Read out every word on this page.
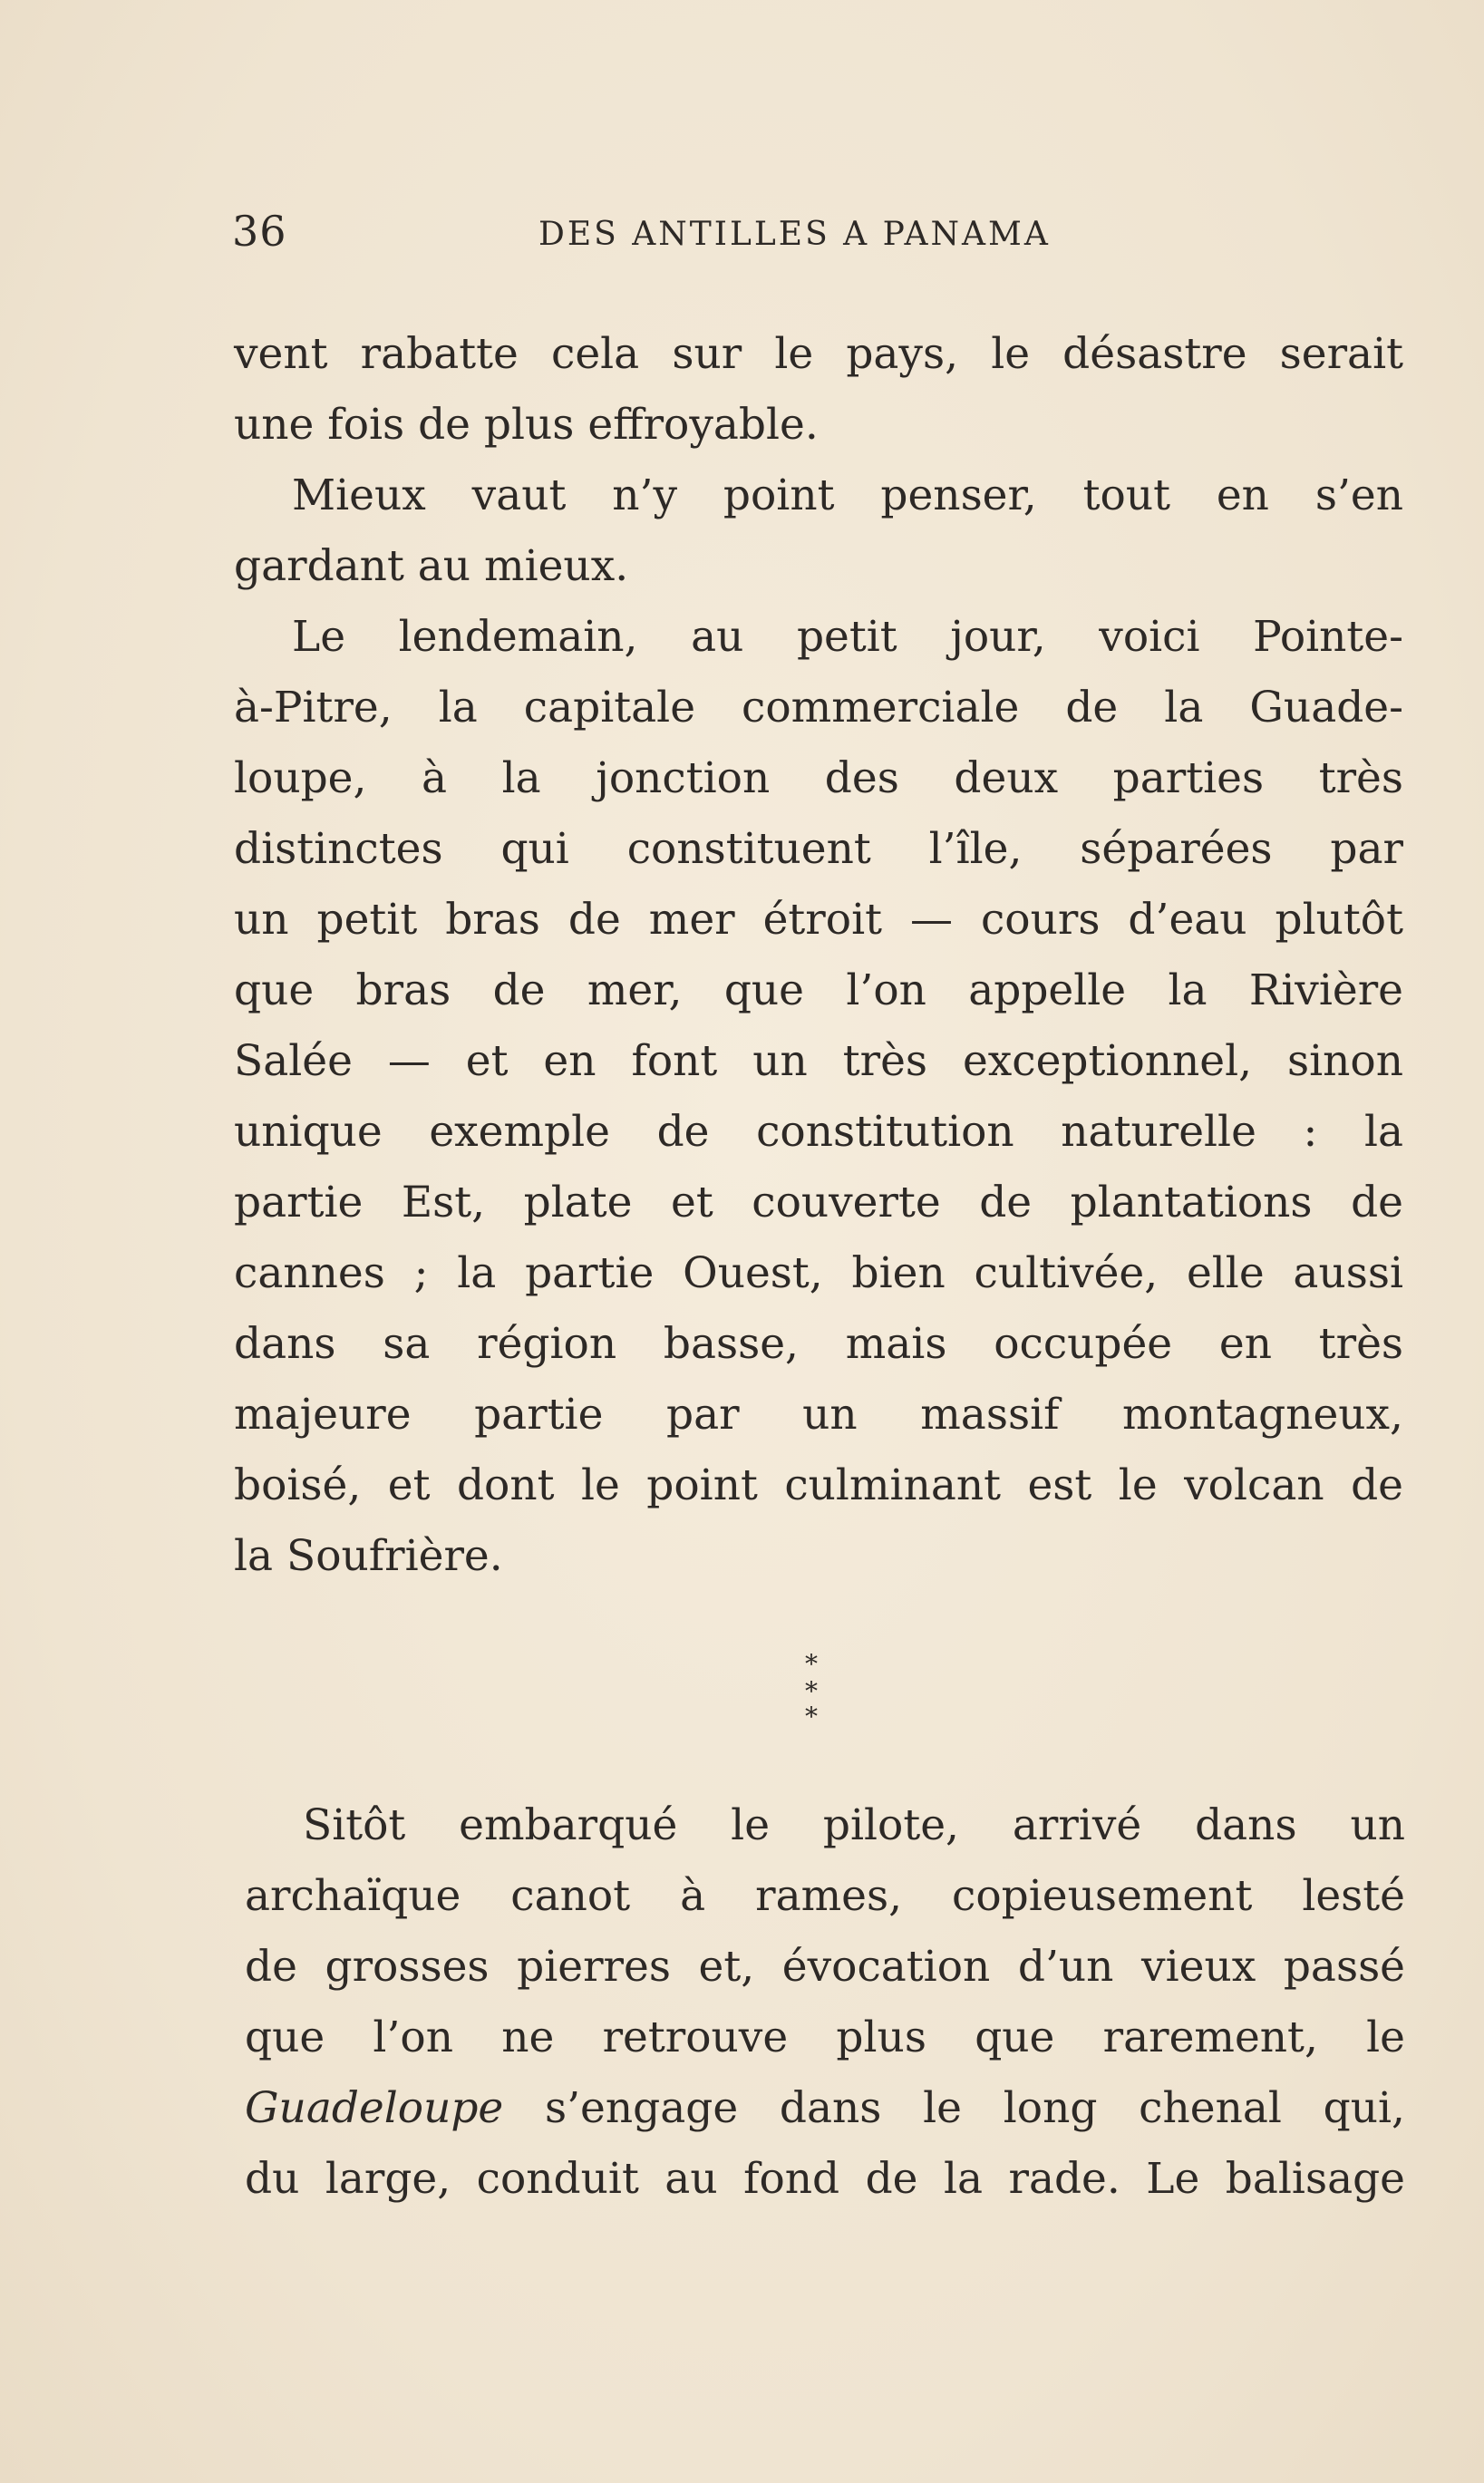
36	DES ANTILLES A PANAMA
vent rabatte cela sur le pays, le désastre serait
une fois de plus effroyable.
Mieux vaut n’y point penser, tout en s’en
gardant au mieux.
Le lendemain, au petit jour, voici Pointe-
à-Pitre, la capitale commerciale de la Guade-
loupe, à la jonction des deux parties très
distinctes qui constituent l’île, séparées par
un petit bras de mer étroit — cours d’eau plutôt
que bras de mer, que l’on appelle la Rivière
Salée — et en font un très exceptionnel, sinon
unique exemple de constitution naturelle : la
partie Est, plate et couverte de plantations de
cannes ; la partie Ouest, bien cultivée, elle aussi
dans sa région basse, mais occupée en très
majeure partie par un massif montagneux,
boisé, et dont le point culminant est le volcan de
la Soufrière.
*
* *
Sitôt embarqué le pilote, arrivé dans un
archaïque canot à rames, copieusement lesté
de grosses pierres et, évocation d’un vieux passé
que l’on ne retrouve plus que rarement, le
Guadeloupe s’engage dans le long chenal qui,
du large, conduit au fond de la rade. Le balisage
